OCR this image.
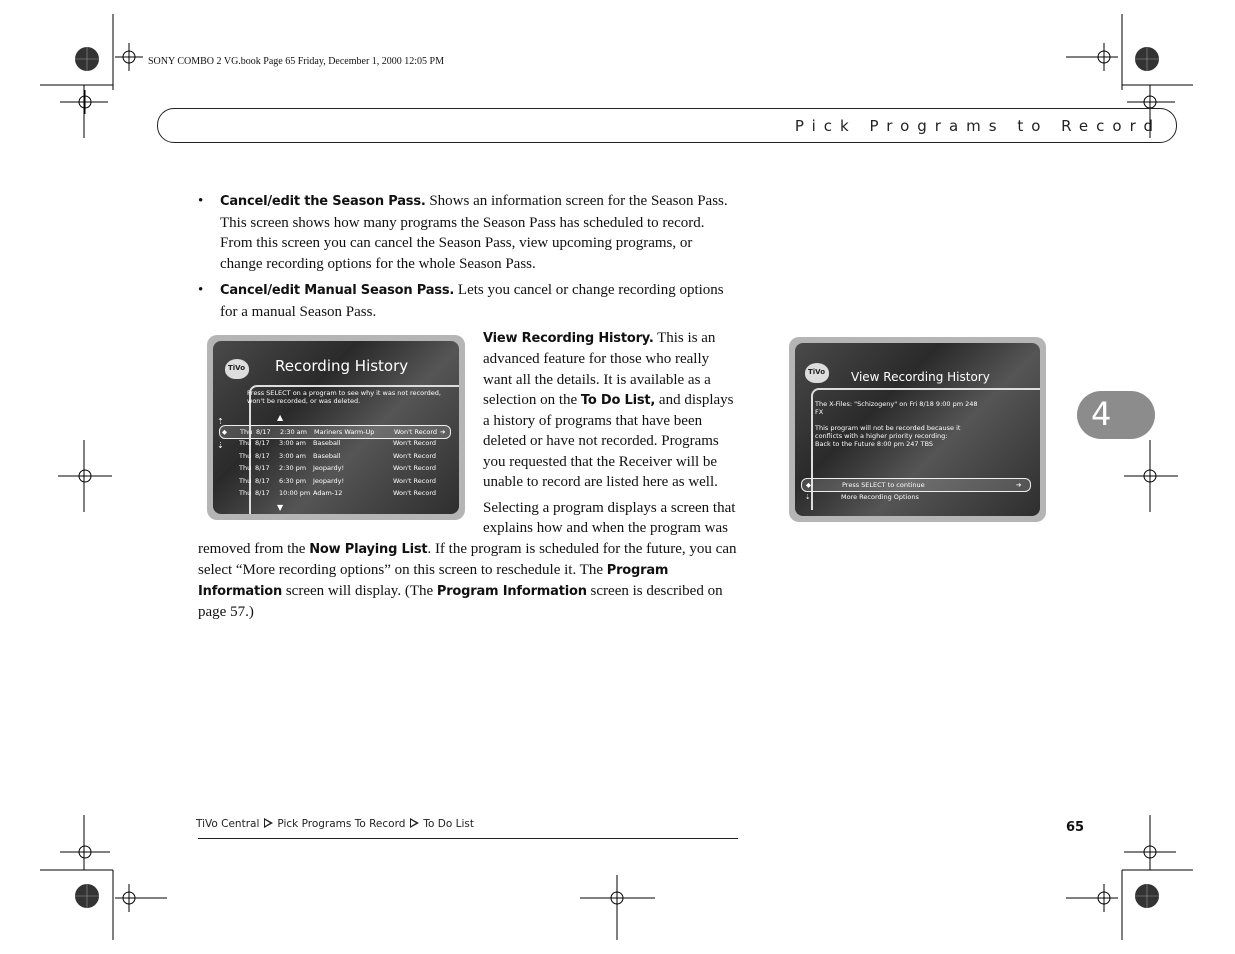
SONY COMBO 2 VG.book Page 65 Friday, December 1, 2000 12:05 PM
Pick Programs to Record
• Cancel/edit the Season Pass. Shows an information screen for the Season Pass. This screen shows how many programs the Season Pass has scheduled to record. From this screen you can cancel the Season Pass, view upcoming programs, or change recording options for the whole Season Pass.
• Cancel/edit Manual Season Pass. Lets you cancel or change recording options for a manual Season Pass.
TiVo Recording History
Press SELECT on a program to see why it was not recorded, won't be recorded, or was deleted.
▲
⇡
⇣
◆	➔
Thu 8/17 2:30 am Mariners Warm-Up	Won't Record
Thu 8/17 3:00 am Baseball	Won't Record
Thu 8/17 3:00 am Baseball	Won't Record
Thu 8/17 2:30 pm Jeopardy!	Won't Record
Thu 8/17 6:30 pm Jeopardy!	Won't Record
Thu 8/17 10:00 pm Adam-12	Won't Record
▼
View Recording History. This is an advanced feature for those who really want all the details. It is available as a selection on the To Do List, and displays a history of programs that have been deleted or have not recorded. Programs you requested that the Receiver will be unable to record are listed here as well.
Selecting a program displays a screen that explains how and when the program was removed from the Now Playing List. If the program is scheduled for the future, you can select “More recording options” on this screen to reschedule it. The Program Information screen will display. (The Program Information screen is described on page 57.)
TiVo View Recording History
The X-Files: "Schizogeny" on Fri 8/18 9:00 pm 248
FX
This program will not be recorded because it
conflicts with a higher priority recording:
Back to the Future 8:00 pm 247 TBS
◆	Press SELECT to continue	➔
⇣	More Recording Options
4
TiVo Central Pick Programs To Record To Do List	65
